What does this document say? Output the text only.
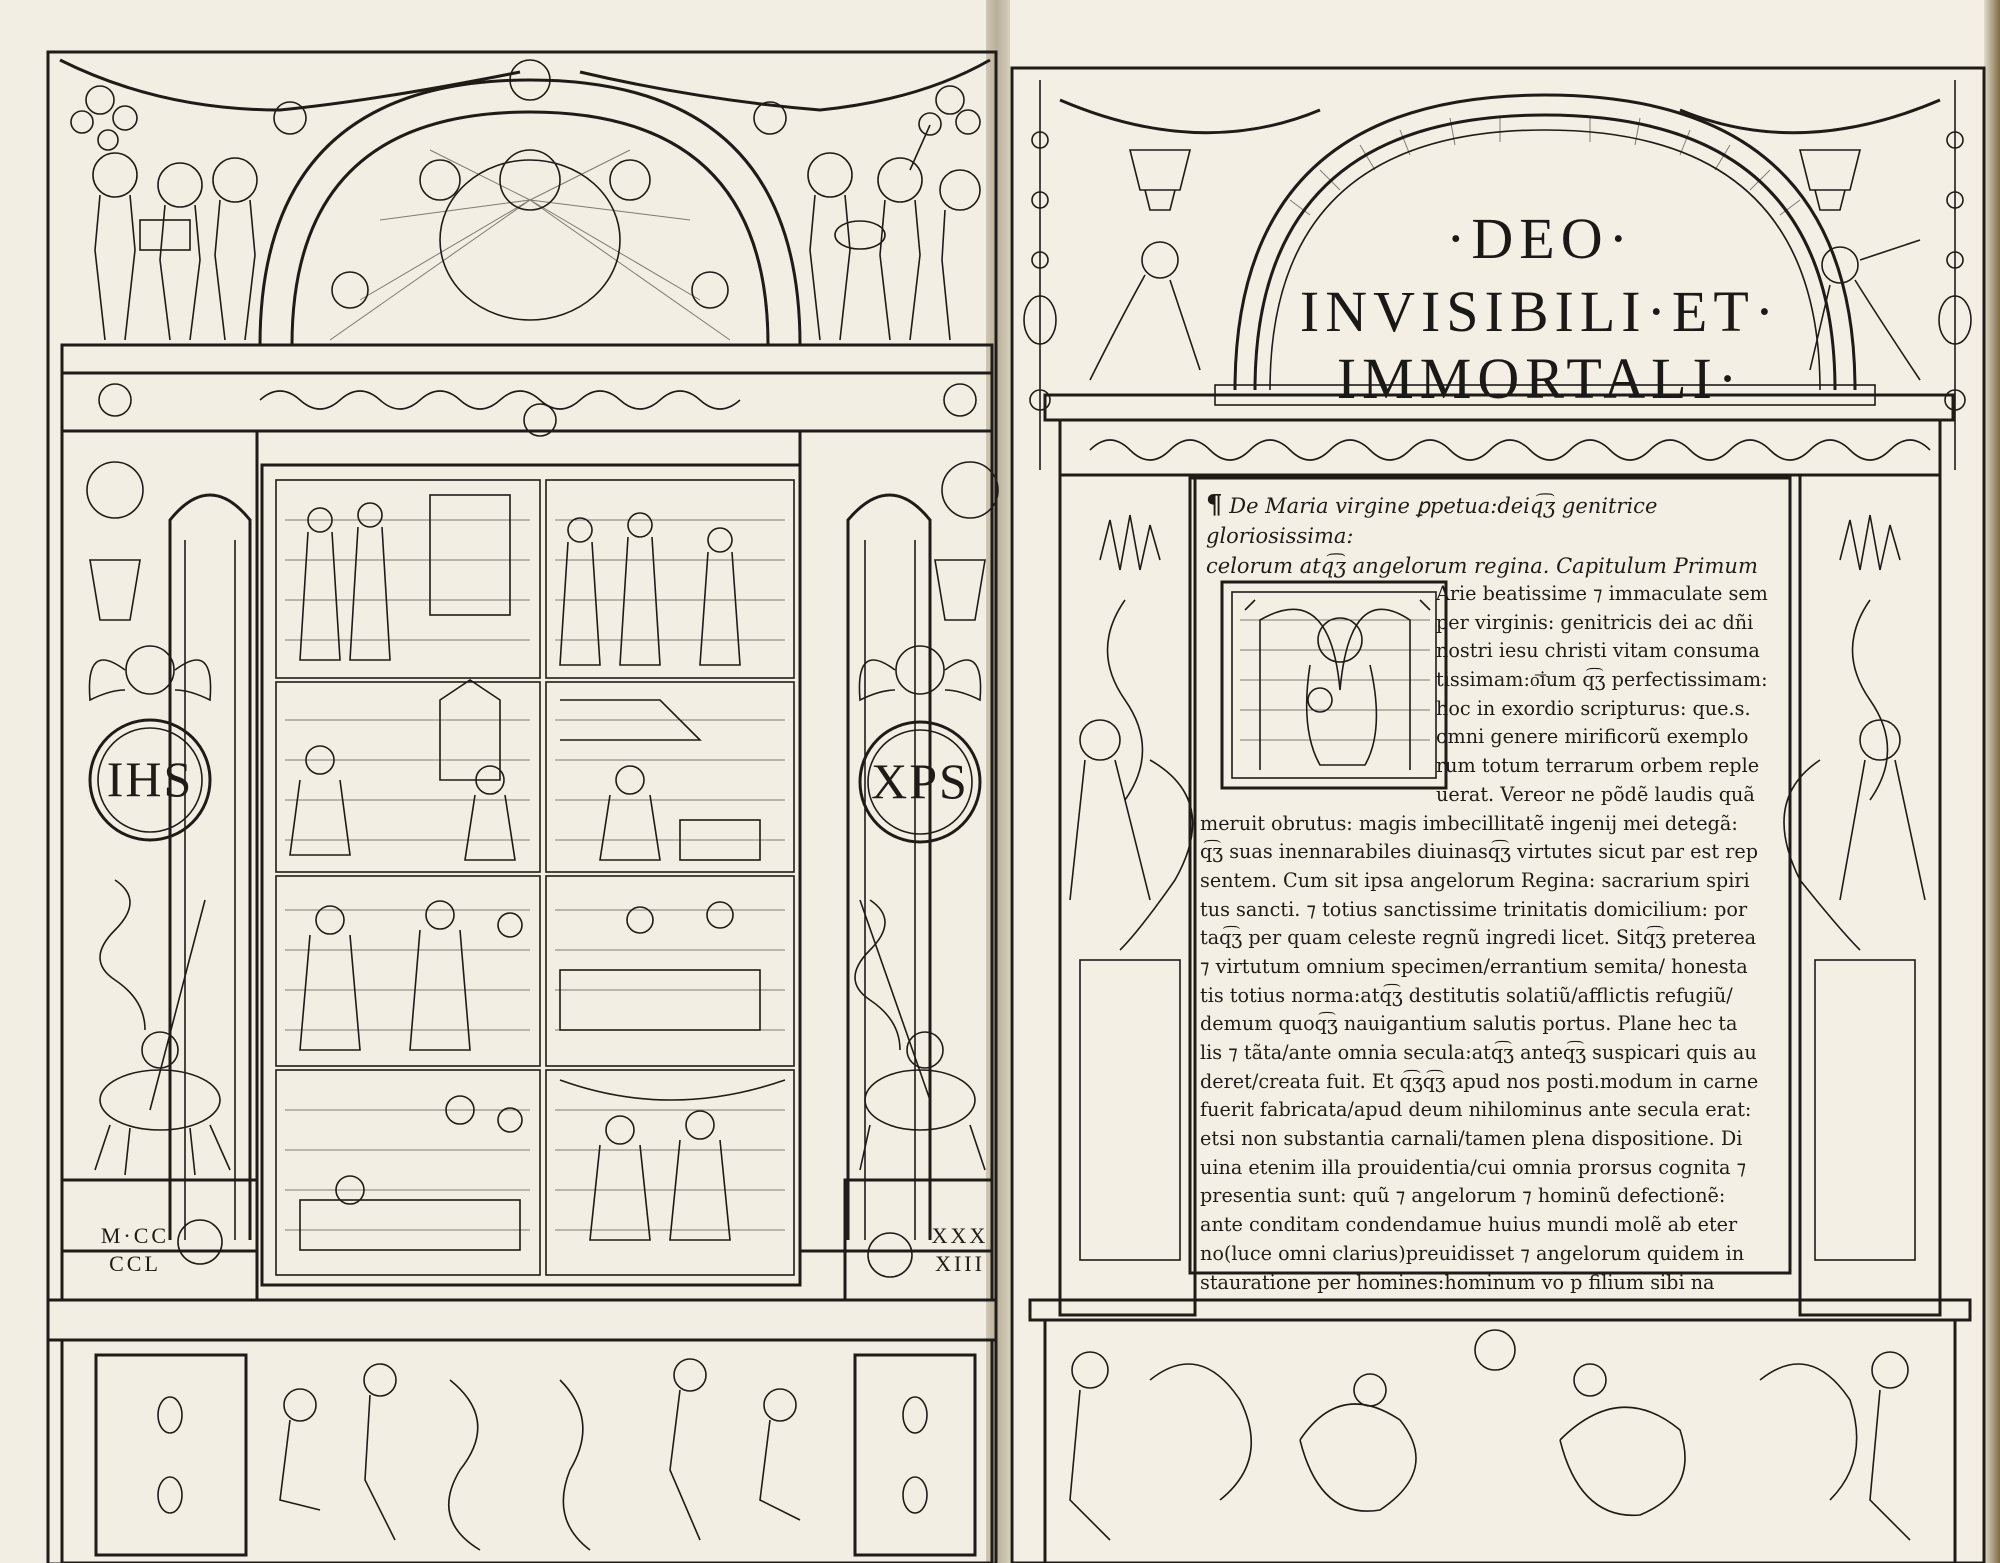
IHS	XPS
M·CC
CCL
XXX
XIII
·DEO·
INVISIBILI·ET·
IMMORTALI·
¶ De Maria virgine ꝑpetua:deiq͡ʒ genitrice gloriosissima:
celorum atq͡ʒ angelorum regina. Capitulum Primum
Arie beatissime ⁊ immaculate sem
per virginis: genitricis dei ac dñi
nostri iesu christi vitam consuma
tissimam:o͞ium q͡ʒ perfectissimam:
hoc in exordio scripturus: que.s.
omni genere mirificorũ exemplo
rum totum terrarum orbem reple
uerat. Vereor ne põdẽ laudis quã
meruit obrutus: magis imbecillitatẽ ingenij mei detegã:
q͡ʒ suas inennarabiles diuinasq͡ʒ virtutes sicut par est rep
sentem. Cum sit ipsa angelorum Regina: sacrarium spiri
tus sancti. ⁊ totius sanctissime trinitatis domicilium: por
taq͡ʒ per quam celeste regnũ ingredi licet. Sitq͡ʒ preterea
⁊ virtutum omnium specimen/errantium semita/ honesta
tis totius norma:atq͡ʒ destitutis solatiũ/afflictis refugiũ/
demum quoq͡ʒ nauigantium salutis portus. Plane hec ta
lis ⁊ tãta/ante omnia secula:atq͡ʒ anteq͡ʒ suspicari quis au
deret/creata fuit. Et q͡ʒq͡ʒ apud nos posti.modum in carne
fuerit fabricata/apud deum nihilominus ante secula erat:
etsi non substantia carnali/tamen plena dispositione. Di
uina etenim illa prouidentia/cui omnia prorsus cognita ⁊
presentia sunt: quũ ⁊ angelorum ⁊ hominũ defectionẽ:
ante conditam condendamue huius mundi molẽ ab eter
no(luce omni clarius)preuidisset ⁊ angelorum quidem in
stauratione per homines:hominum vo p filium sibi na
